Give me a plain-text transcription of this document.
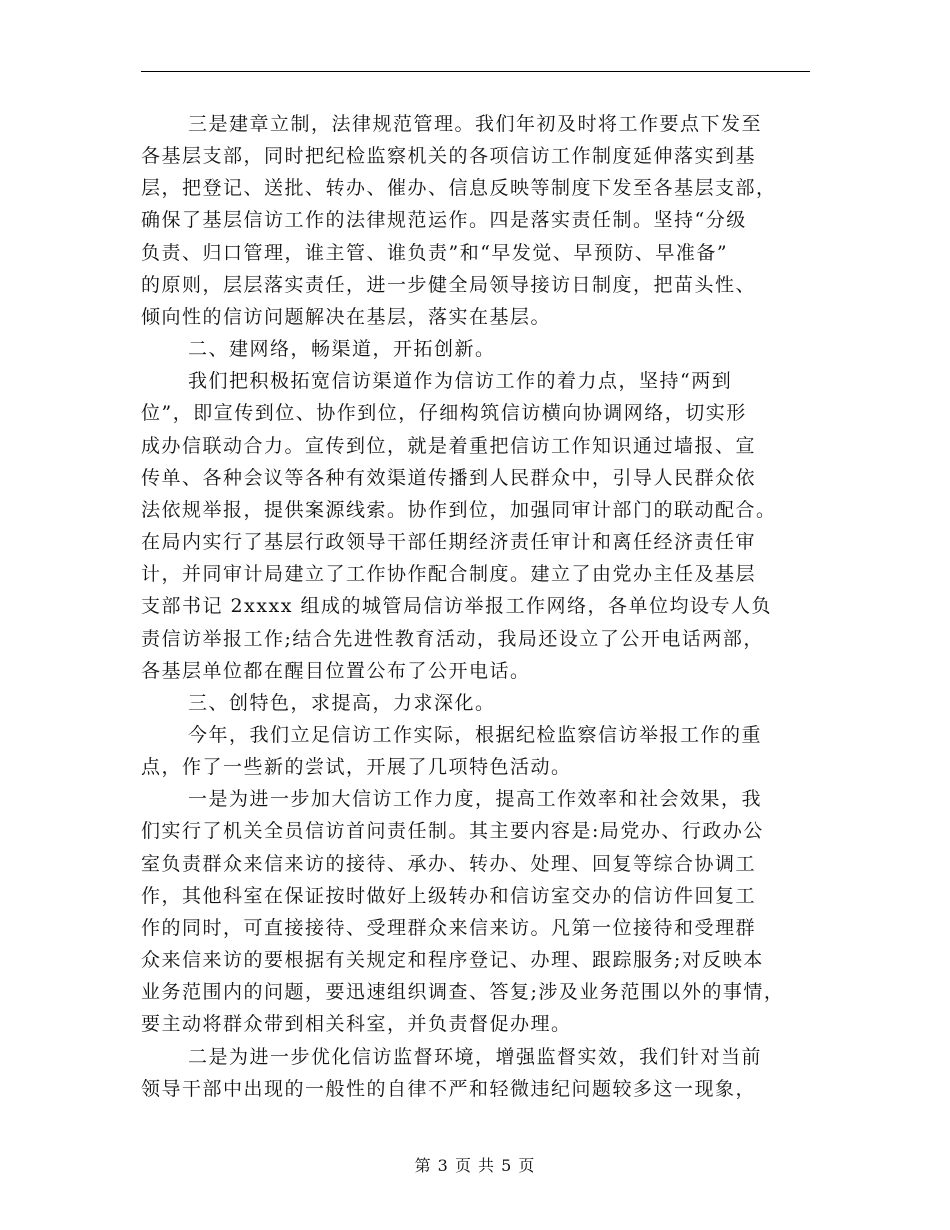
三是建章立制，法律规范管理。我们年初及时将工作要点下发至
各基层支部，同时把纪检监察机关的各项信访工作制度延伸落实到基
层，把登记、送批、转办、催办、信息反映等制度下发至各基层支部，
确保了基层信访工作的法律规范运作。四是落实责任制。坚持“分级
负责、归口管理，谁主管、谁负责”和“早发觉、早预防、早准备”
的原则，层层落实责任，进一步健全局领导接访日制度，把苗头性、
倾向性的信访问题解决在基层，落实在基层。
二、建网络，畅渠道，开拓创新。
我们把积极拓宽信访渠道作为信访工作的着力点，坚持“两到
位”，即宣传到位、协作到位，仔细构筑信访横向协调网络，切实形
成办信联动合力。宣传到位，就是着重把信访工作知识通过墙报、宣
传单、各种会议等各种有效渠道传播到人民群众中，引导人民群众依
法依规举报，提供案源线索。协作到位，加强同审计部门的联动配合。
在局内实行了基层行政领导干部任期经济责任审计和离任经济责任审
计，并同审计局建立了工作协作配合制度。建立了由党办主任及基层
支部书记 2xxxx 组成的城管局信访举报工作网络，各单位均设专人负
责信访举报工作;结合先进性教育活动，我局还设立了公开电话两部，
各基层单位都在醒目位置公布了公开电话。
三、创特色，求提高，力求深化。
今年，我们立足信访工作实际，根据纪检监察信访举报工作的重
点，作了一些新的尝试，开展了几项特色活动。
一是为进一步加大信访工作力度，提高工作效率和社会效果，我
们实行了机关全员信访首问责任制。其主要内容是:局党办、行政办公
室负责群众来信来访的接待、承办、转办、处理、回复等综合协调工
作，其他科室在保证按时做好上级转办和信访室交办的信访件回复工
作的同时，可直接接待、受理群众来信来访。凡第一位接待和受理群
众来信来访的要根据有关规定和程序登记、办理、跟踪服务;对反映本
业务范围内的问题，要迅速组织调查、答复;涉及业务范围以外的事情，
要主动将群众带到相关科室，并负责督促办理。
二是为进一步优化信访监督环境，增强监督实效，我们针对当前
领导干部中出现的一般性的自律不严和轻微违纪问题较多这一现象，
第 3 页 共 5 页
